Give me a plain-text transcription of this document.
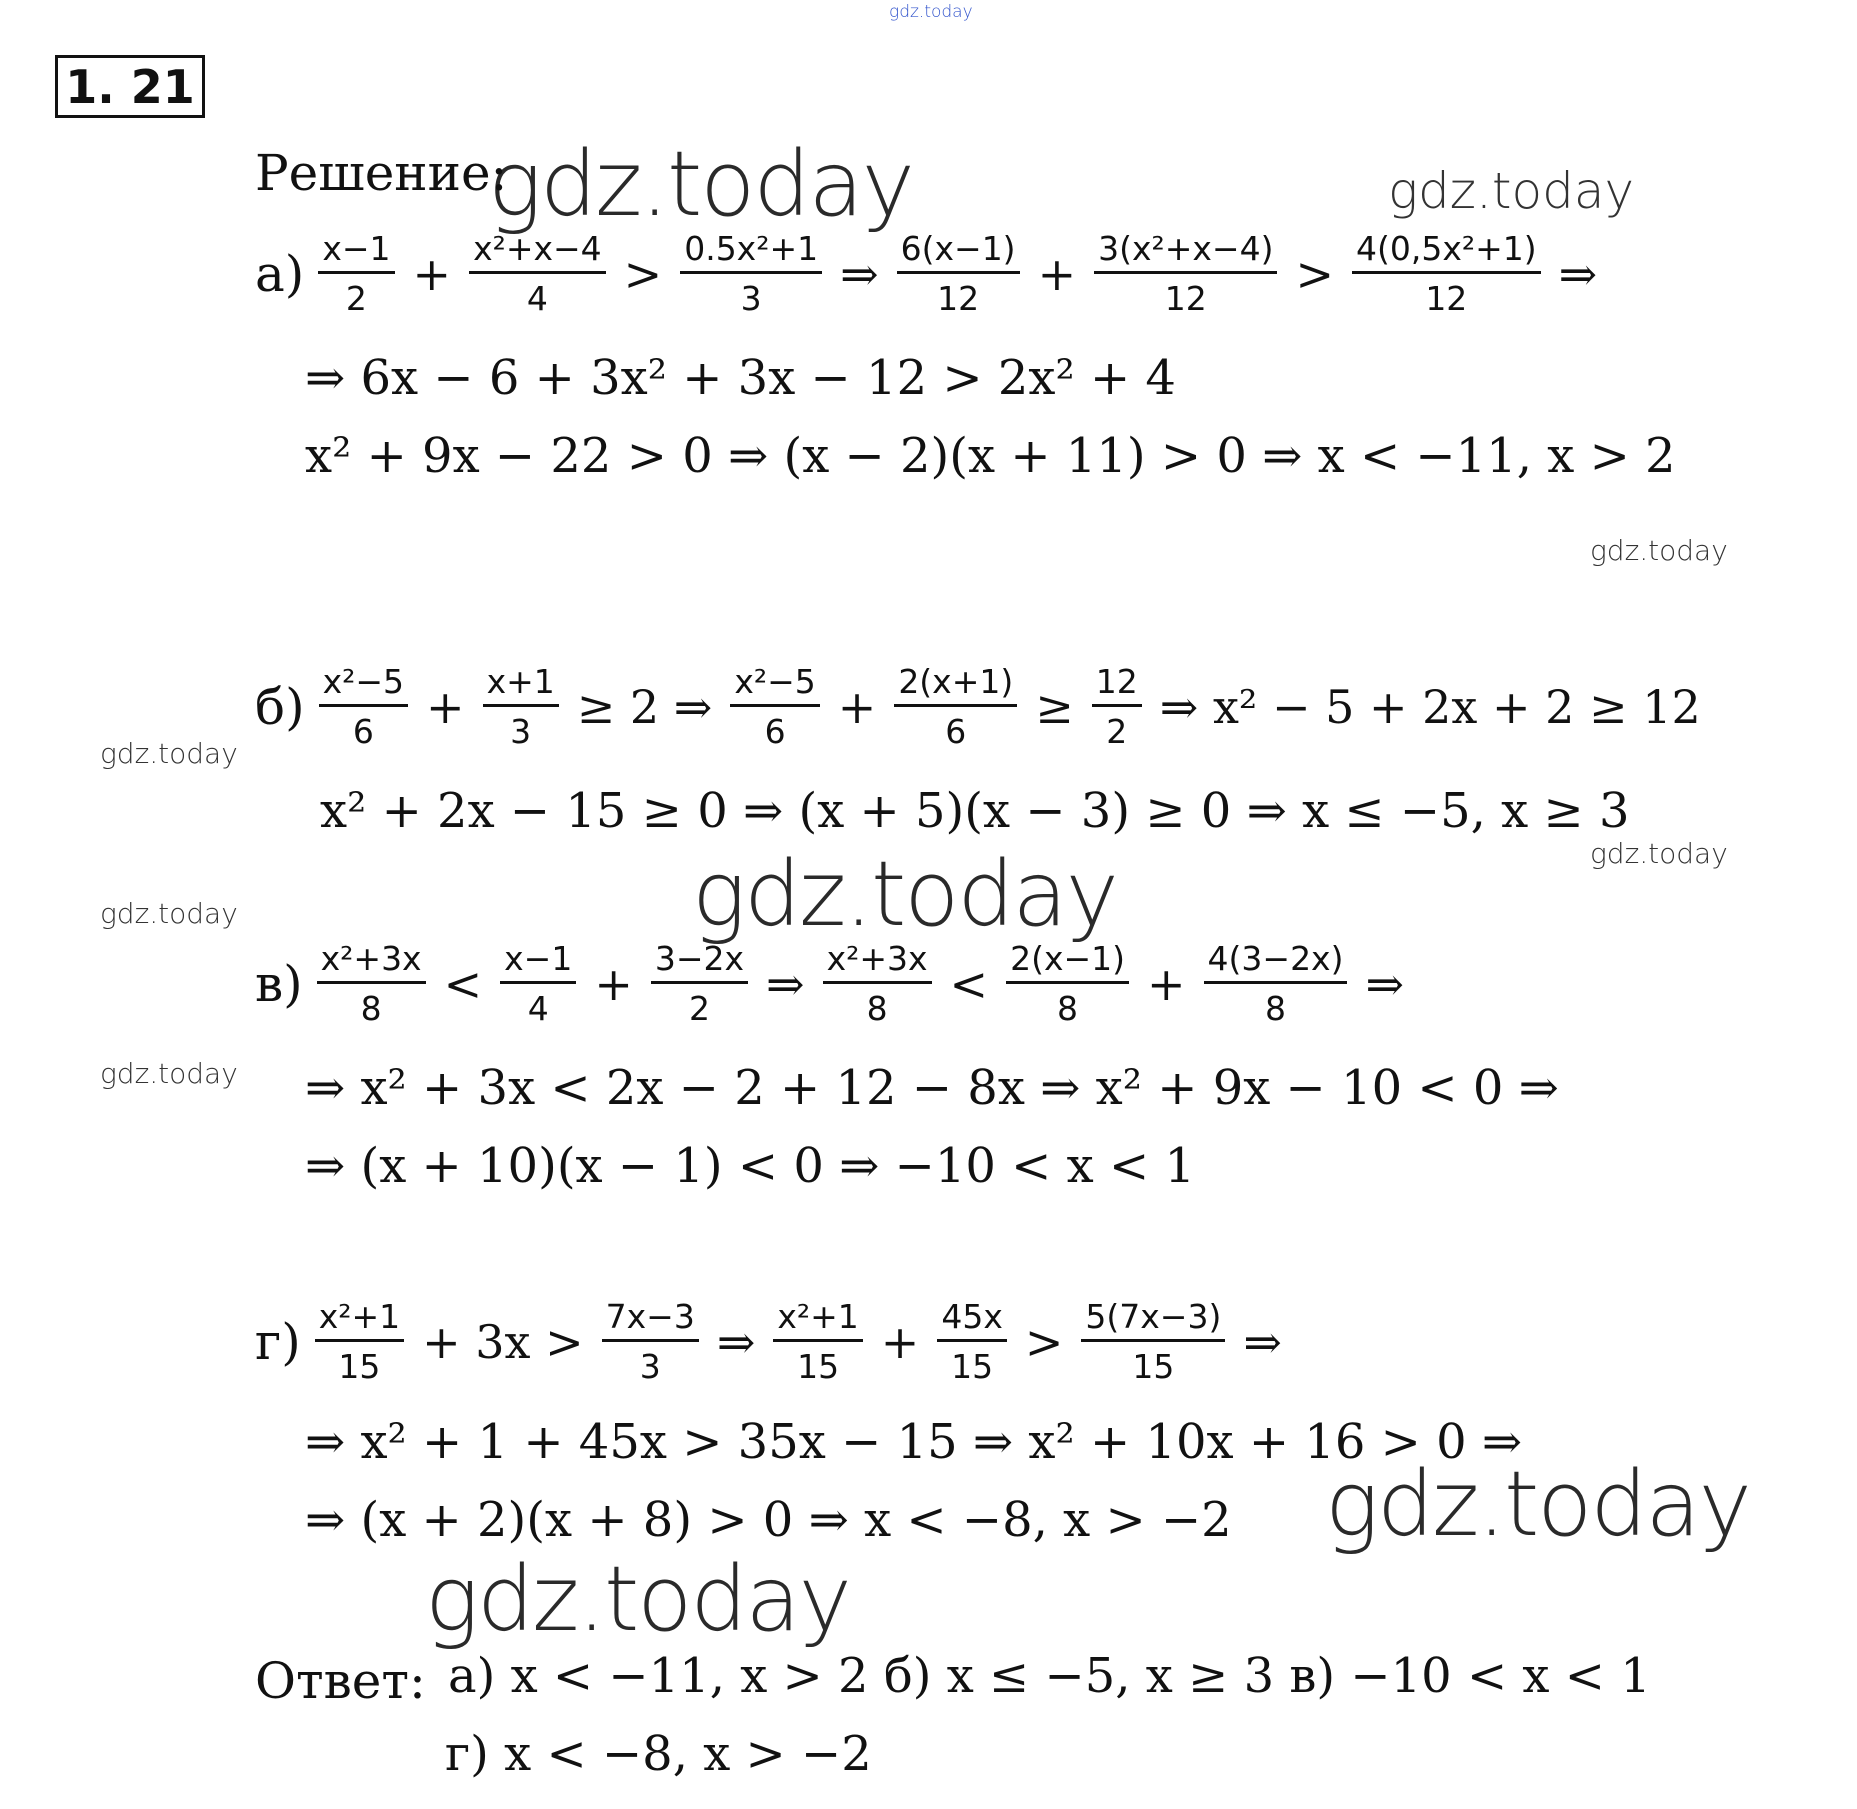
gdz.today
gdz.today	gdz.today
gdz.today
gdz.today
gdz.today
gdz.today
gdz.today
gdz.today
gdz.today
gdz.today
1. 21
Решение:
$а) \frac{x-1}{2} + \frac{\text{x²+x−4}}{4} > \frac{\text{0.5x²+1}}{3}$ ⇒ $\frac{6(x-1)}{12} + \frac{\text{3(x²+x−4)}}{12} > \frac{\text{4(0,5x²+1)}}{12}$ ⇒
⇒ 6x − 6 + 3x² + 3x − 12 > 2x² + 4
x² + 9x − 22 > 0 ⇒ (x − 2)(x + 11) > 0 ⇒ x < −11, x > 2
$б) \frac{\text{x²−5}}{6} + \frac{x+1}{3} \ge 2$ ⇒ $\frac{\text{x²−5}}{6} + \frac{2(x+1)}{6} \ge \frac{12}{2}$ ⇒ x² − 5 + 2x + 2 ≥ 12
x² + 2x − 15 ≥ 0 ⇒ (x + 5)(x − 3) ≥ 0 ⇒ x ≤ −5, x ≥ 3
$в) \frac{\text{x²+3x}}{8} < \frac{x-1}{4} + \frac{3-2x}{2}$ ⇒ $\frac{\text{x²+3x}}{8} < \frac{2(x-1)}{8} + \frac{4(3-2x)}{8}$ ⇒
⇒ x² + 3x < 2x − 2 + 12 − 8x ⇒ x² + 9x − 10 < 0 ⇒
⇒ (x + 10)(x − 1) < 0 ⇒ −10 < x < 1
$г) \frac{\text{x²+1}}{15} + 3x > \frac{7x-3}{3}$ ⇒ $\frac{\text{x²+1}}{15} + \frac{45x}{15} > \frac{5(7x-3)}{15}$ ⇒
⇒ x² + 1 + 45x > 35x − 15 ⇒ x² + 10x + 16 > 0 ⇒
⇒ (x + 2)(x + 8) > 0 ⇒ x < −8, x > −2
Ответ: а) x < −11, x > 2 б) x ≤ −5, x ≥ 3 в) −10 < x < 1
г) x < −8, x > −2
